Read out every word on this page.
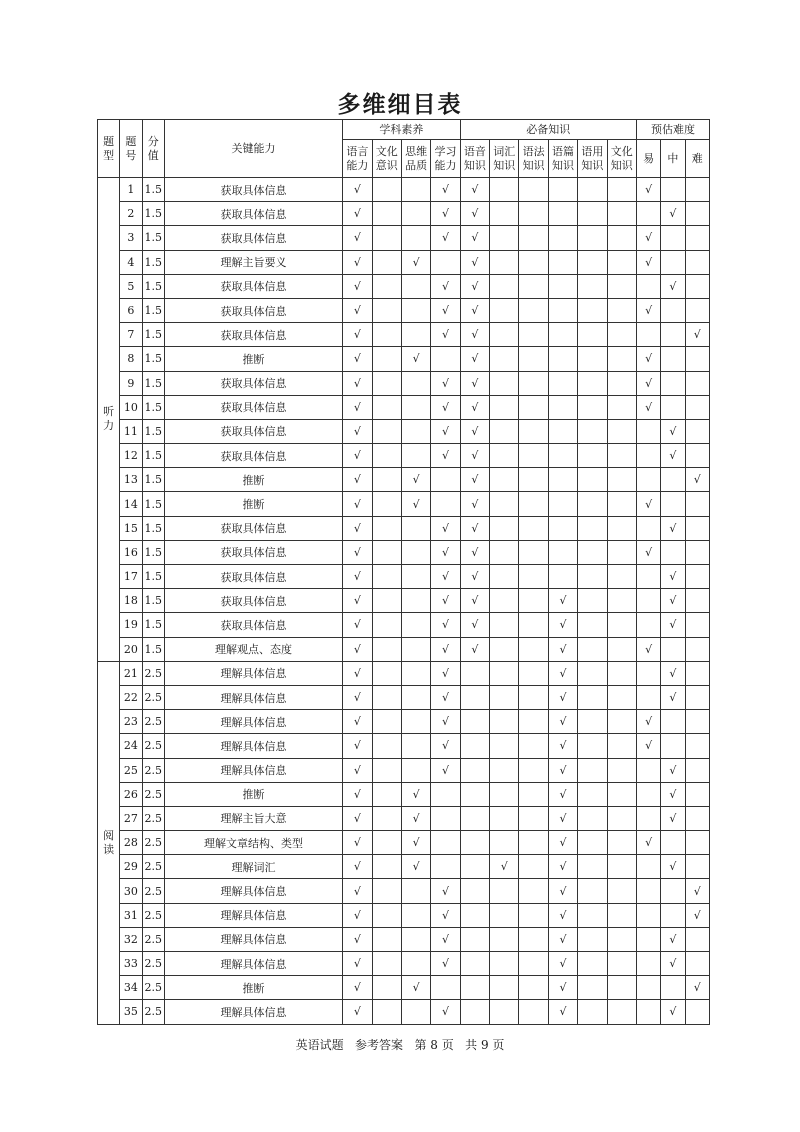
多维细目表
题型	题号	分值	关键能力	学科素养				必备知识						预估难度		
				语言能力	文化意识	思维品质	学习能力	语音知识	词汇知识	语法知识	语篇知识	语用知识	文化知识	易	中	难
听力	1	1.5	获取具体信息	√			√	√						√		
	2	1.5	获取具体信息	√			√	√							√	
	3	1.5	获取具体信息	√			√	√						√		
	4	1.5	理解主旨要义	√		√		√						√		
	5	1.5	获取具体信息	√			√	√							√	
	6	1.5	获取具体信息	√			√	√						√		
	7	1.5	获取具体信息	√			√	√								√
	8	1.5	推断	√		√		√						√		
	9	1.5	获取具体信息	√			√	√						√		
	10	1.5	获取具体信息	√			√	√						√		
	11	1.5	获取具体信息	√			√	√							√	
	12	1.5	获取具体信息	√			√	√							√	
	13	1.5	推断	√		√		√								√
	14	1.5	推断	√		√		√						√		
	15	1.5	获取具体信息	√			√	√							√	
	16	1.5	获取具体信息	√			√	√						√		
	17	1.5	获取具体信息	√			√	√							√	
	18	1.5	获取具体信息	√			√	√			√				√	
	19	1.5	获取具体信息	√			√	√			√				√	
	20	1.5	理解观点、态度	√			√	√			√			√		
阅读	21	2.5	理解具体信息	√			√				√				√	
	22	2.5	理解具体信息	√			√				√				√	
	23	2.5	理解具体信息	√			√				√			√		
	24	2.5	理解具体信息	√			√				√			√		
	25	2.5	理解具体信息	√			√				√				√	
	26	2.5	推断	√		√					√				√	
	27	2.5	理解主旨大意	√		√					√				√	
	28	2.5	理解文章结构、类型	√		√					√			√		
	29	2.5	理解词汇	√		√			√		√				√	
	30	2.5	理解具体信息	√			√				√					√
	31	2.5	理解具体信息	√			√				√					√
	32	2.5	理解具体信息	√			√				√				√	
	33	2.5	理解具体信息	√			√				√				√	
	34	2.5	推断	√		√					√					√
	35	2.5	理解具体信息	√			√				√				√	
英语试题   参考答案   第 8 页   共 9 页
